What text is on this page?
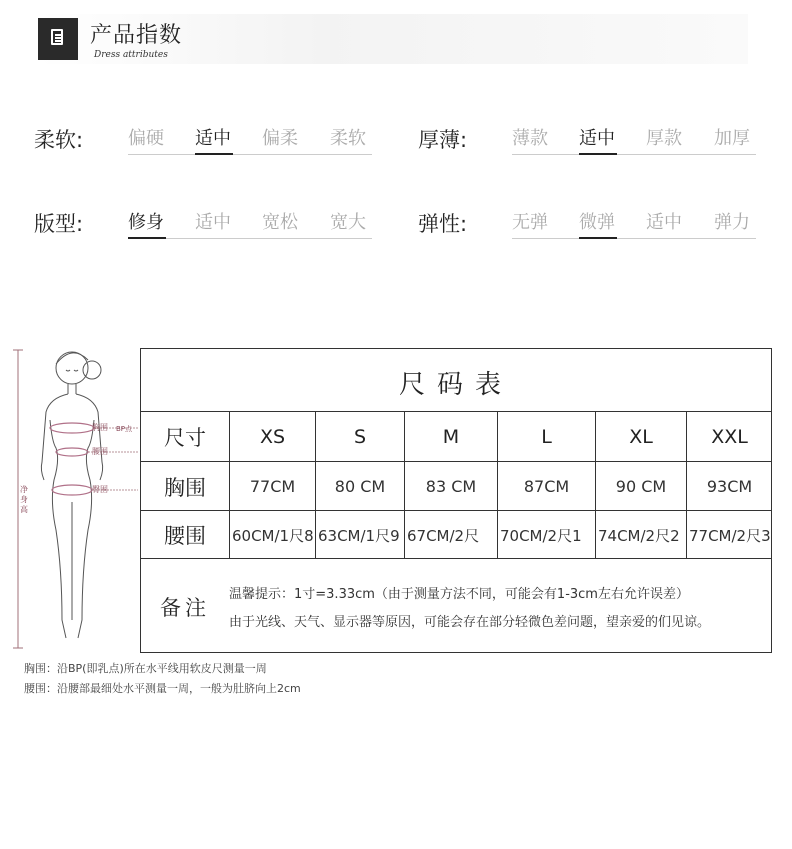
产品指数
Dress attributes
柔软: 偏硬 适中 偏柔 柔软 厚薄: 薄款 适中 厚款 加厚
版型: 修身 适中 宽松 宽大 弹性: 无弹 微弹 适中 弹力
胸围 BP点
腰围
臀围
净身高
尺码表
尺寸	XS	S	M	L	XL	XXL
胸围	77CM	80 CM	83 CM	87CM	90 CM	93CM
腰围	60CM/1尺8 63CM/1尺9 67CM/2尺	70CM/2尺1	74CM/2尺2 77CM/2尺3
备注
温馨提示：1寸=3.33cm（由于测量方法不同，可能会有1-3cm左右允许误差）
由于光线、天气、显示器等原因，可能会存在部分轻微色差问题，望亲爱的们见谅。
胸围：沿BP(即乳点)所在水平线用软皮尺测量一周
腰围：沿腰部最细处水平测量一周，一般为肚脐向上2cm
